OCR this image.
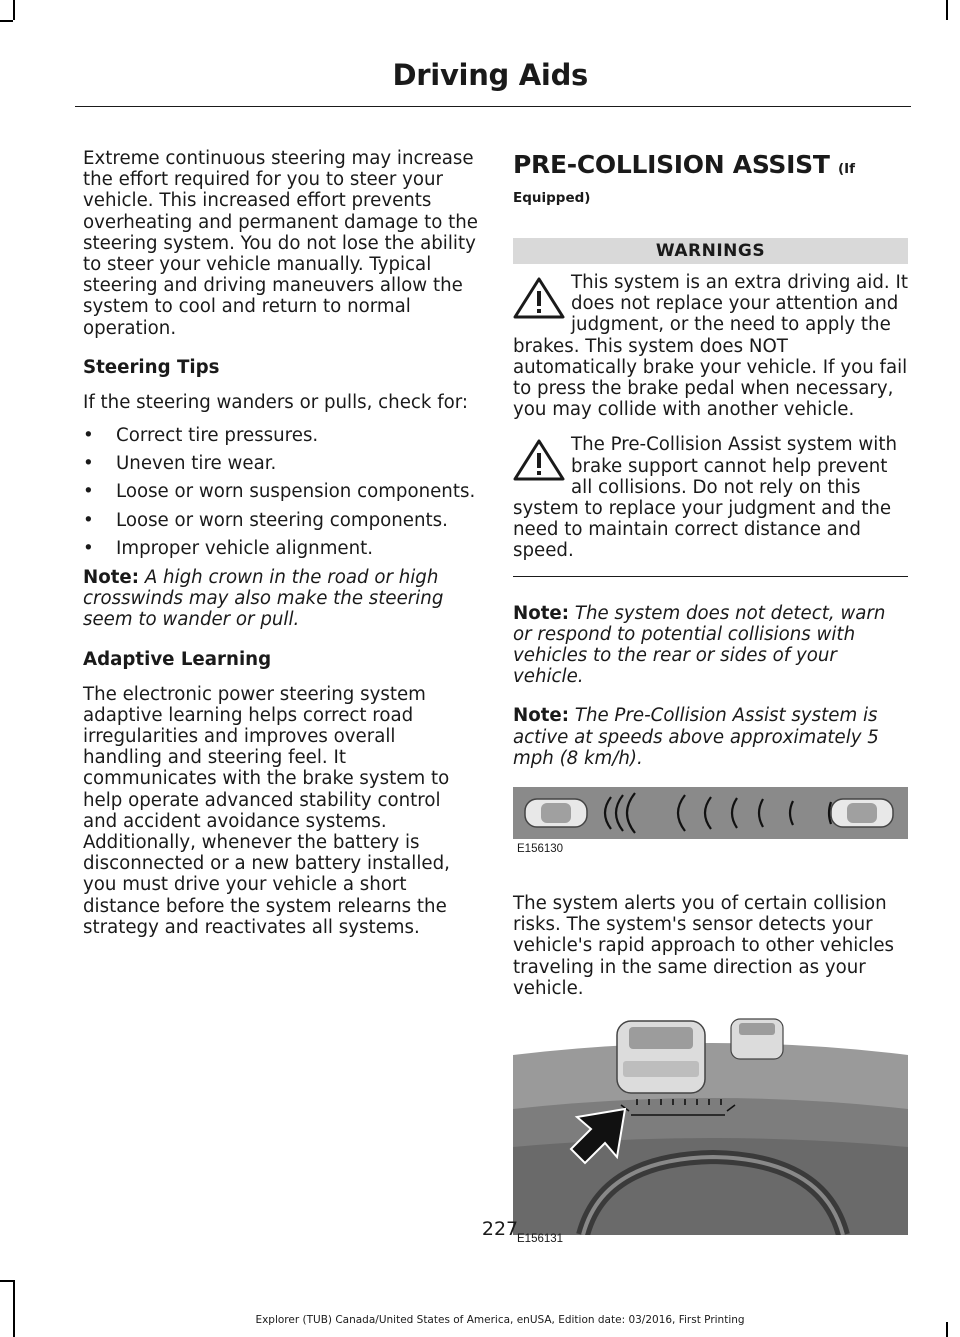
Driving Aids

Extreme continuous steering may increase the effort required for you to steer your vehicle. This increased effort prevents overheating and permanent damage to the steering system. You do not lose the ability to steer your vehicle manually. Typical steering and driving maneuvers allow the system to cool and return to normal operation.

Steering Tips

If the steering wanders or pulls, check for:

• Correct tire pressures.
• Uneven tire wear.
• Loose or worn suspension components.
• Loose or worn steering components.
• Improper vehicle alignment.

Note: A high crown in the road or high crosswinds may also make the steering seem to wander or pull.

Adaptive Learning

The electronic power steering system adaptive learning helps correct road irregularities and improves overall handling and steering feel. It communicates with the brake system to help operate advanced stability control and accident avoidance systems. Additionally, whenever the battery is disconnected or a new battery installed, you must drive your vehicle a short distance before the system relearns the strategy and reactivates all systems.

PRE-COLLISION ASSIST (If
Equipped)
WARNINGS

This system is an extra driving aid. It does not replace your attention and judgment, or the need to apply the brakes. This system does NOT automatically brake your vehicle. If you fail to press the brake pedal when necessary, you may collide with another vehicle.

The Pre-Collision Assist system with brake support cannot help prevent all collisions. Do not rely on this system to replace your judgment and the need to maintain correct distance and speed.

Note: The system does not detect, warn or respond to potential collisions with vehicles to the rear or sides of your vehicle.

Note: The Pre-Collision Assist system is active at speeds above approximately 5 mph (8 km/h).

E156130

The system alerts you of certain collision risks. The system's sensor detects your vehicle's rapid approach to other vehicles traveling in the same direction as your vehicle.

E156131
227
Explorer (TUB) Canada/United States of America, enUSA, Edition date: 03/2016, First Printing
